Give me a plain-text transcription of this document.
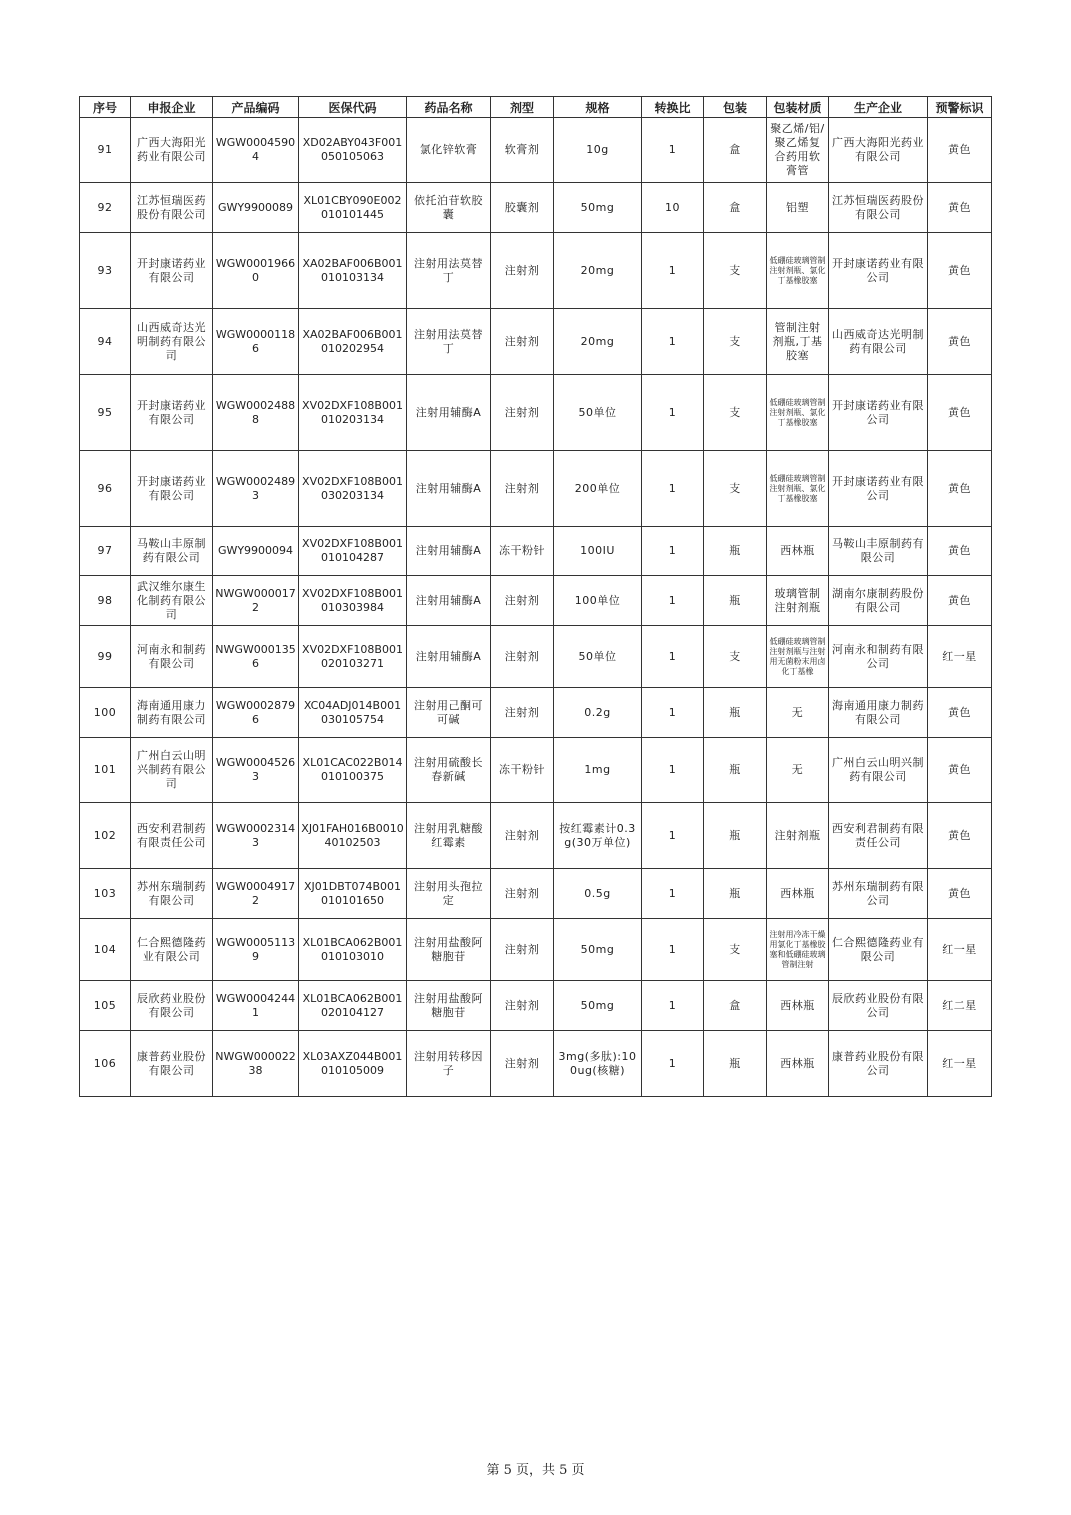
序号	申报企业	产品编码	医保代码	药品名称	剂型	规格	转换比	包装	包装材质	生产企业	预警标识
91	广西大海阳光药业有限公司	WGW00045904	XD02ABY043F001050105063	氯化锌软膏	软膏剂	10g	1	盒	聚乙烯/铝/聚乙烯复合药用软膏管	广西大海阳光药业有限公司	黄色
92	江苏恒瑞医药股份有限公司	GWY9900089	XL01CBY090E002010101445	依托泊苷软胶囊	胶囊剂	50mg	10	盒	铝塑	江苏恒瑞医药股份有限公司	黄色
93	开封康诺药业有限公司	WGW00019660	XA02BAF006B001010103134	注射用法莫替丁	注射剂	20mg	1	支	低硼硅玻璃管制注射剂瓶、氯化丁基橡胶塞	开封康诺药业有限公司	黄色
94	山西威奇达光明制药有限公司	WGW00001186	XA02BAF006B001010202954	注射用法莫替丁	注射剂	20mg	1	支	管制注射剂瓶,丁基胶塞	山西威奇达光明制药有限公司	黄色
95	开封康诺药业有限公司	WGW00024888	XV02DXF108B001010203134	注射用辅酶A	注射剂	50单位	1	支	低硼硅玻璃管制注射剂瓶、氯化丁基橡胶塞	开封康诺药业有限公司	黄色
96	开封康诺药业有限公司	WGW00024893	XV02DXF108B001030203134	注射用辅酶A	注射剂	200单位	1	支	低硼硅玻璃管制注射剂瓶、氯化丁基橡胶塞	开封康诺药业有限公司	黄色
97	马鞍山丰原制药有限公司	GWY9900094	XV02DXF108B001010104287	注射用辅酶A	冻干粉针	100IU	1	瓶	西林瓶	马鞍山丰原制药有限公司	黄色
98	武汉维尔康生化制药有限公司	NWGW0000172	XV02DXF108B001010303984	注射用辅酶A	注射剂	100单位	1	瓶	玻璃管制注射剂瓶	湖南尔康制药股份有限公司	黄色
99	河南永和制药有限公司	NWGW0001356	XV02DXF108B001020103271	注射用辅酶A	注射剂	50单位	1	支	低硼硅玻璃管制注射剂瓶与注射用无菌粉末用卤化丁基橡	河南永和制药有限公司	红一星
100	海南通用康力制药有限公司	WGW00028796	XC04ADJ014B001030105754	注射用己酮可可碱	注射剂	0.2g	1	瓶	无	海南通用康力制药有限公司	黄色
101	广州白云山明兴制药有限公司	WGW00045263	XL01CAC022B014010100375	注射用硫酸长春新碱	冻干粉针	1mg	1	瓶	无	广州白云山明兴制药有限公司	黄色
102	西安利君制药有限责任公司	WGW00023143	XJ01FAH016B001040102503	注射用乳糖酸红霉素	注射剂	按红霉素计0.3g(30万单位)	1	瓶	注射剂瓶	西安利君制药有限责任公司	黄色
103	苏州东瑞制药有限公司	WGW00049172	XJ01DBT074B001010101650	注射用头孢拉定	注射剂	0.5g	1	瓶	西林瓶	苏州东瑞制药有限公司	黄色
104	仁合熙德隆药业有限公司	WGW00051139	XL01BCA062B001010103010	注射用盐酸阿糖胞苷	注射剂	50mg	1	支	注射用冷冻干燥用氯化丁基橡胶塞和低硼硅玻璃管制注射	仁合熙德隆药业有限公司	红一星
105	辰欣药业股份有限公司	WGW00042441	XL01BCA062B001020104127	注射用盐酸阿糖胞苷	注射剂	50mg	1	盒	西林瓶	辰欣药业股份有限公司	红二星
106	康普药业股份有限公司	NWGW00002238	XL03AXZ044B001010105009	注射用转移因子	注射剂	3mg(多肽):100ug(核糖)	1	瓶	西林瓶	康普药业股份有限公司	红一星
第 5 页，共 5 页
